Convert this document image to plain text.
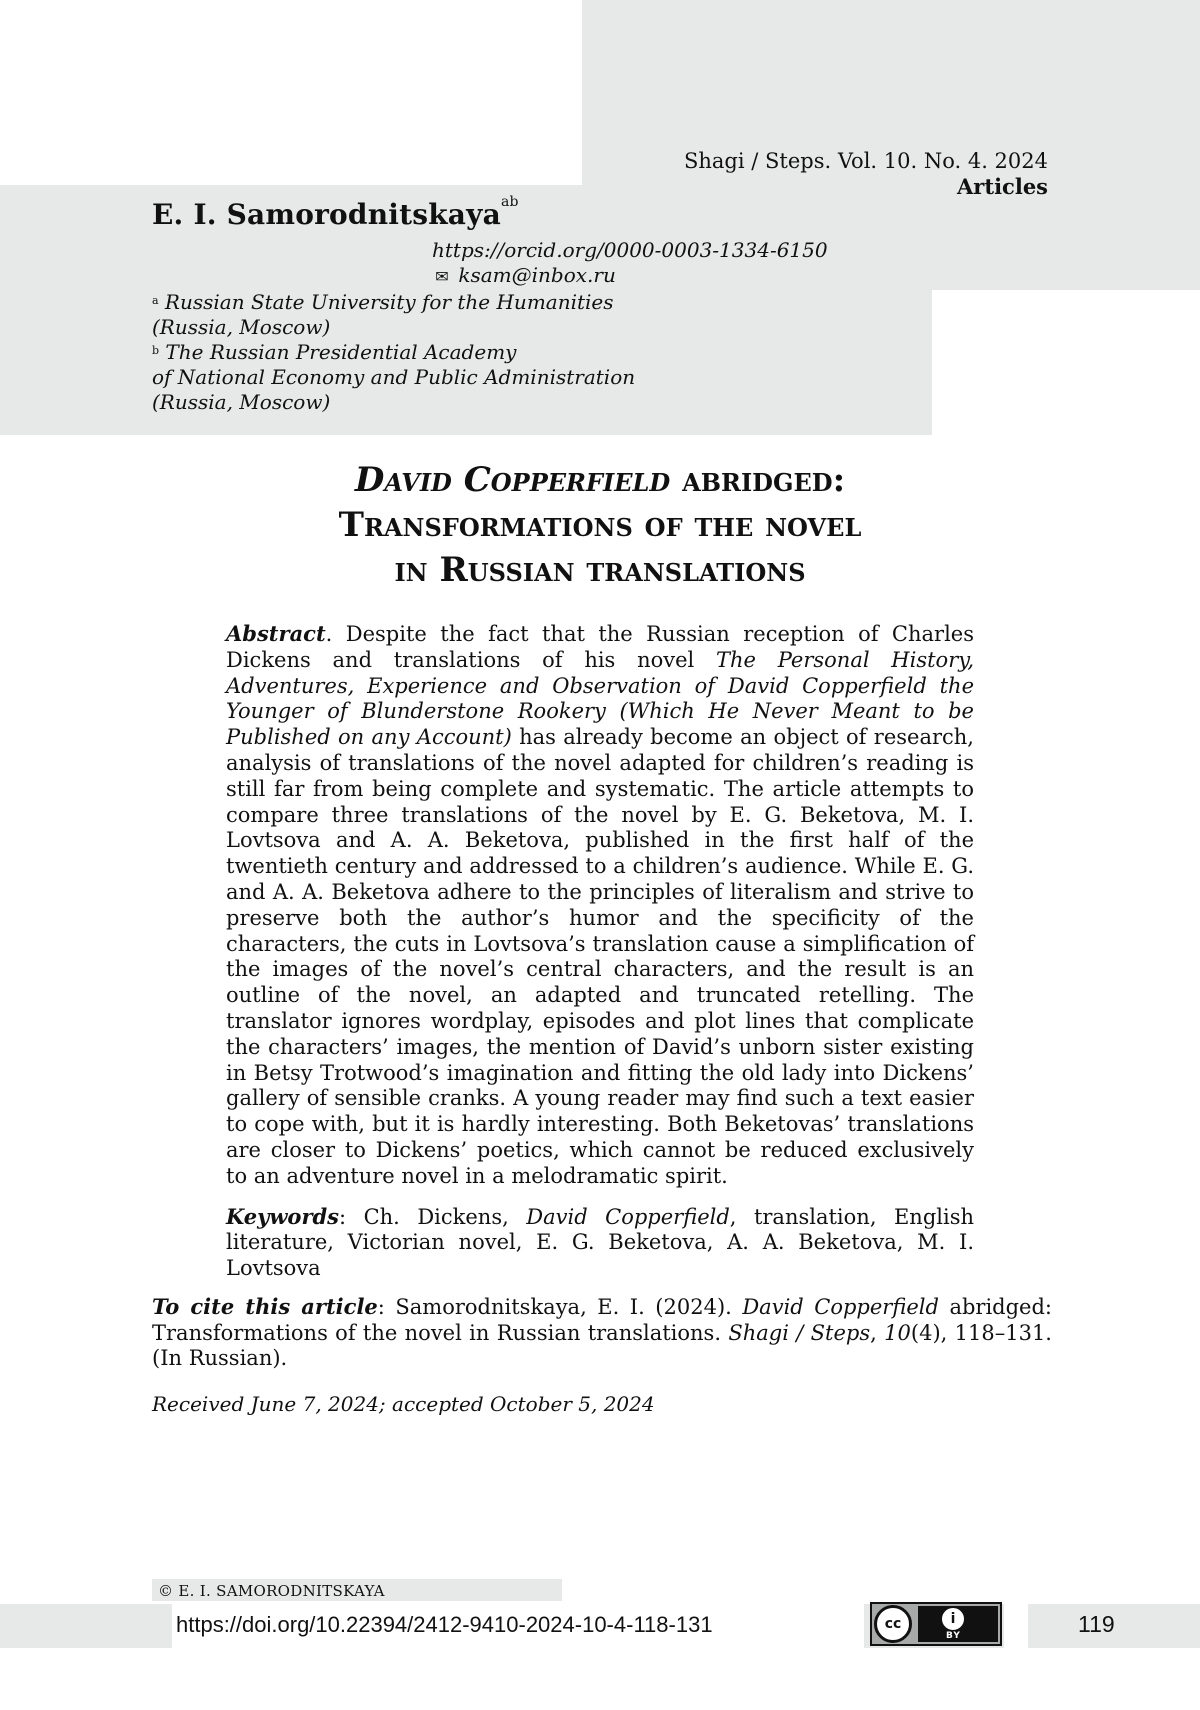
Shagi / Steps. Vol. 10. No. 4. 2024
Articles
E. I. Samorodnitskaya$^{ab}$
https://orcid.org/0000-0003-1334-6150
✉ ksam@inbox.ru
$^a$ Russian State University for the Humanities
(Russia, Moscow)
$^b$ The Russian Presidential Academy
of National Economy and Public Administration
(Russia, Moscow)
David Copperfield abridged:
Transformations of the novel
in Russian translations

Abstract. Despite the fact that the Russian reception of Charles Dickens and translations of his novel The Personal History, Adventures, Experience and Observation of David Copperfield the Younger of Blunderstone Rookery (Which He Never Meant to be Published on any Account) has already become an object of research, analysis of translations of the novel adapted for children’s reading is still far from being complete and systematic. The article attempts to compare three translations of the novel by E. G. Beketova, M. I. Lovtsova and A. A. Beketova, published in the first half of the twentieth century and addressed to a children’s audience. While E. G. and A. A. Beketova adhere to the principles of literalism and strive to preserve both the author’s humor and the specificity of the characters, the cuts in Lovtsova’s translation cause a simplification of the images of the novel’s central characters, and the result is an outline of the novel, an adapted and truncated retelling. The translator ignores wordplay, episodes and plot lines that complicate the characters’ images, the mention of David’s unborn sister existing in Betsy Trotwood’s imagination and fitting the old lady into Dickens’ gallery of sensible cranks. A young reader may find such a text easier to cope with, but it is hardly interesting. Both Beketovas’ translations are closer to Dickens’ poetics, which cannot be reduced exclusively to an adventure novel in a melodramatic spirit.

Keywords: Ch. Dickens, David Copperfield, translation, English literature, Victorian novel, E. G. Beketova, A. A. Beketova, M. I. Lovtsova

To cite this article: Samorodnitskaya, E. I. (2024). David Copperfield abridged: Transformations of the novel in Russian translations. Shagi / Steps, 10(4), 118–131. (In Russian).
Received June 7, 2024; accepted October 5, 2024
© E. I. SAMORODNITSKAYA
https://doi.org/10.22394/2412-9410-2024-10-4-118-131	cc	i
BY	119
